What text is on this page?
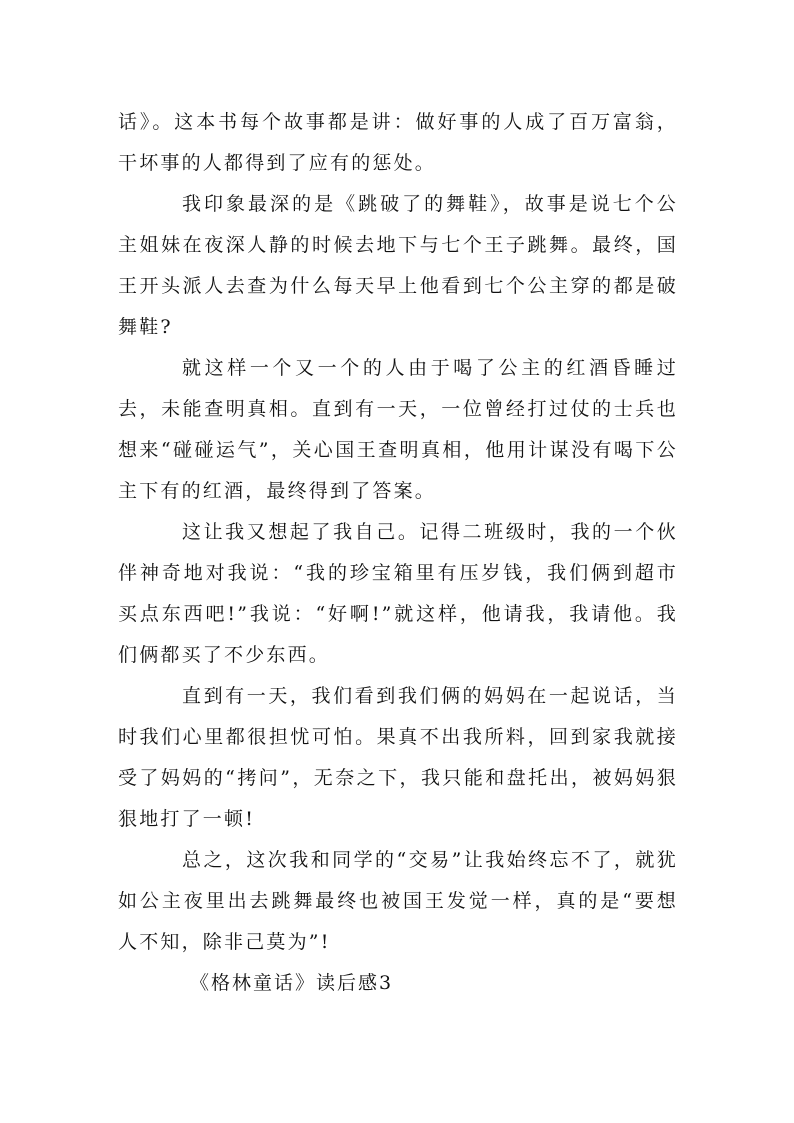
话》。这本书每个故事都是讲：做好事的人成了百万富翁，干坏事的人都得到了应有的惩处。

我印象最深的是《跳破了的舞鞋》，故事是说七个公主姐妹在夜深人静的时候去地下与七个王子跳舞。最终，国王开头派人去查为什么每天早上他看到七个公主穿的都是破舞鞋?

就这样一个又一个的人由于喝了公主的红酒昏睡过去，未能查明真相。直到有一天，一位曾经打过仗的士兵也想来“碰碰运气”，关心国王查明真相，他用计谋没有喝下公主下有的红酒，最终得到了答案。

这让我又想起了我自己。记得二班级时，我的一个伙伴神奇地对我说：“我的珍宝箱里有压岁钱，我们俩到超市买点东西吧!”我说：“好啊!”就这样，他请我，我请他。我们俩都买了不少东西。

直到有一天，我们看到我们俩的妈妈在一起说话，当时我们心里都很担忧可怕。果真不出我所料，回到家我就接受了妈妈的“拷问”，无奈之下，我只能和盘托出，被妈妈狠狠地打了一顿!

总之，这次我和同学的“交易”让我始终忘不了，就犹如公主夜里出去跳舞最终也被国王发觉一样，真的是“要想人不知，除非己莫为”!

《格林童话》读后感3
